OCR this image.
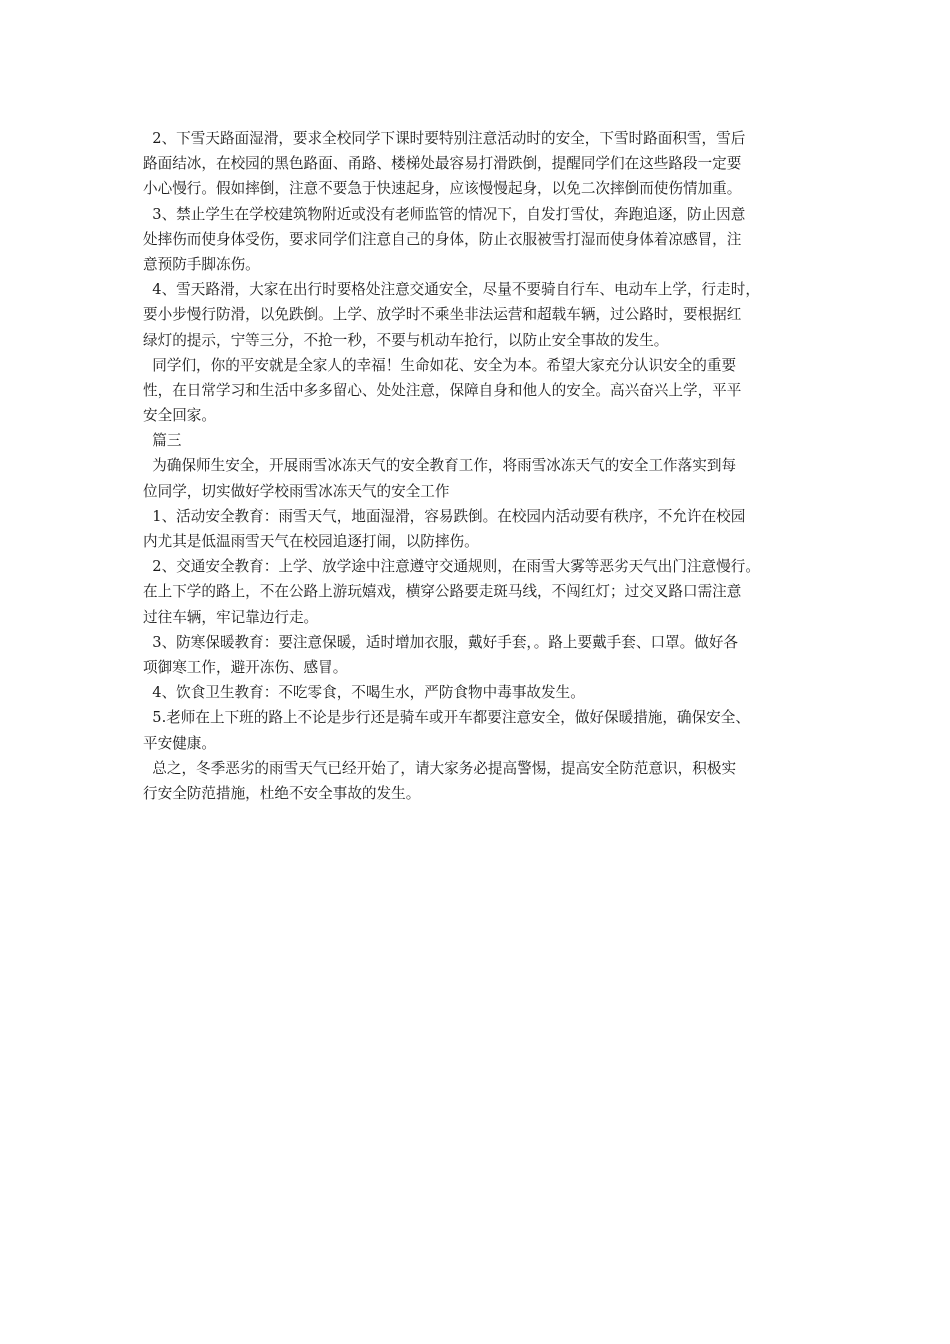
2、下雪天路面湿滑，要求全校同学下课时要特别注意活动时的安全，下雪时路面积雪，雪后
路面结冰，在校园的黑色路面、甬路、楼梯处最容易打滑跌倒，提醒同学们在这些路段一定要
小心慢行。假如摔倒，注意不要急于快速起身，应该慢慢起身，以免二次摔倒而使伤情加重。
3、禁止学生在学校建筑物附近或没有老师监管的情况下，自发打雪仗，奔跑追逐，防止因意
处摔伤而使身体受伤，要求同学们注意自己的身体，防止衣服被雪打湿而使身体着凉感冒，注
意预防手脚冻伤。
4、雪天路滑，大家在出行时要格处注意交通安全，尽量不要骑自行车、电动车上学，行走时，
要小步慢行防滑，以免跌倒。上学、放学时不乘坐非法运营和超载车辆，过公路时，要根据红
绿灯的提示，宁等三分，不抢一秒，不要与机动车抢行，以防止安全事故的发生。
同学们，你的平安就是全家人的幸福！生命如花、安全为本。希望大家充分认识安全的重要
性，在日常学习和生活中多多留心、处处注意，保障自身和他人的安全。高兴奋兴上学，平平
安全回家。
篇三
为确保师生安全，开展雨雪冰冻天气的安全教育工作，将雨雪冰冻天气的安全工作落实到每
位同学，切实做好学校雨雪冰冻天气的安全工作
1、活动安全教育：雨雪天气，地面湿滑，容易跌倒。在校园内活动要有秩序，不允许在校园
内尤其是低温雨雪天气在校园追逐打闹，以防摔伤。
2、交通安全教育：上学、放学途中注意遵守交通规则，在雨雪大雾等恶劣天气出门注意慢行。
在上下学的路上，不在公路上游玩嬉戏，横穿公路要走斑马线，不闯红灯；过交叉路口需注意
过往车辆，牢记靠边行走。
3、防寒保暖教育：要注意保暖，适时增加衣服，戴好手套，。路上要戴手套、口罩。做好各
项御寒工作，避开冻伤、感冒。
4、饮食卫生教育：不吃零食，不喝生水，严防食物中毒事故发生。
5.老师在上下班的路上不论是步行还是骑车或开车都要注意安全，做好保暖措施，确保安全、
平安健康。
总之，冬季恶劣的雨雪天气已经开始了，请大家务必提高警惕，提高安全防范意识，积极实
行安全防范措施，杜绝不安全事故的发生。
